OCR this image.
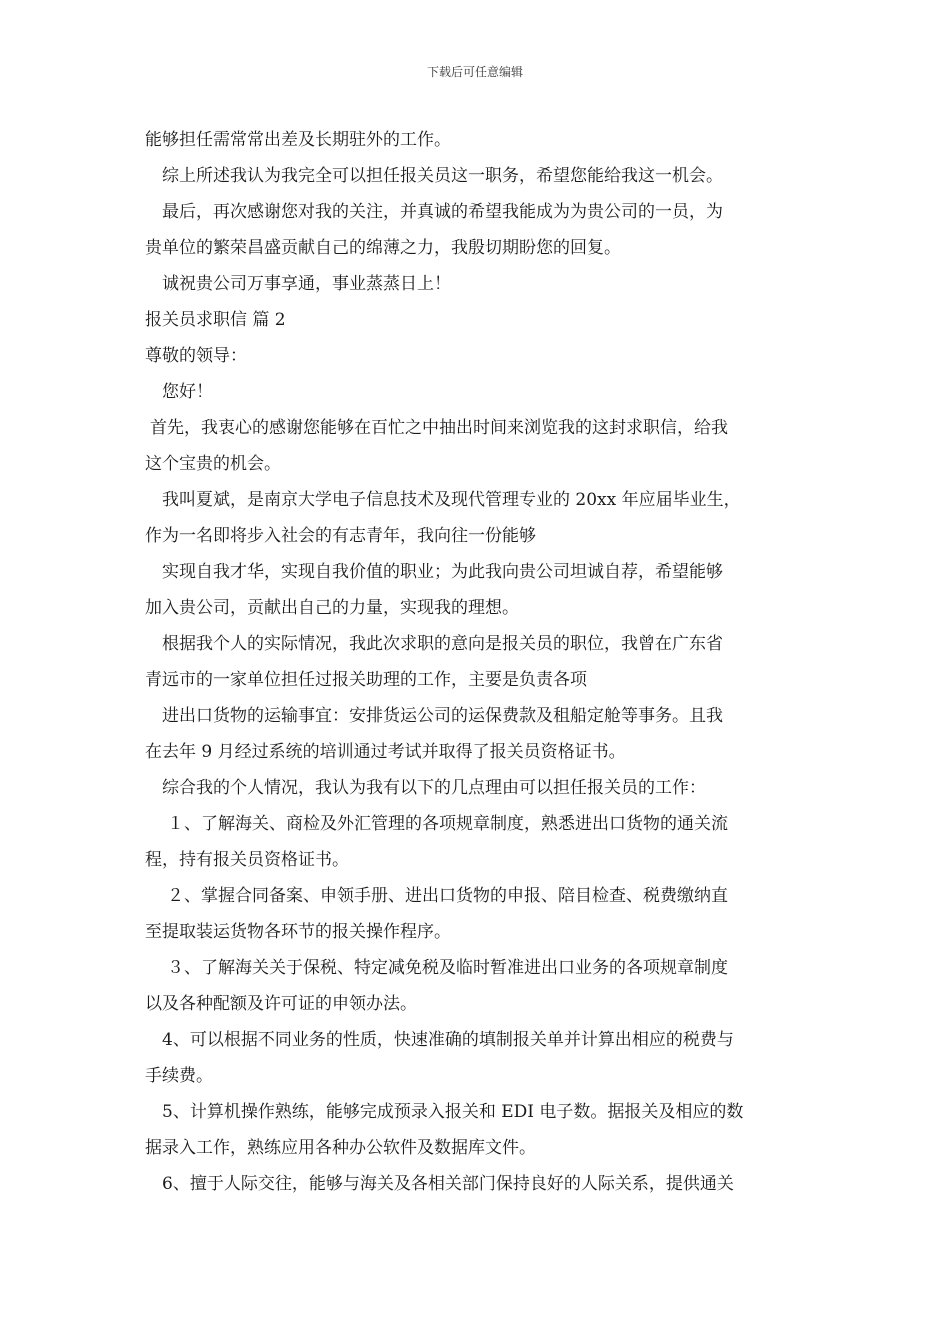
下载后可任意编辑
能够担任需常常出差及长期驻外的工作。
综上所述我认为我完全可以担任报关员这一职务，希望您能给我这一机会。
最后，再次感谢您对我的关注，并真诚的希望我能成为为贵公司的一员，为
贵单位的繁荣昌盛贡献自己的绵薄之力，我殷切期盼您的回复。
诚祝贵公司万事享通，事业蒸蒸日上！
报关员求职信 篇 2
尊敬的领导：
您好！
首先，我衷心的感谢您能够在百忙之中抽出时间来浏览我的这封求职信，给我
这个宝贵的机会。
我叫夏斌，是南京大学电子信息技术及现代管理专业的 20xx 年应届毕业生，
作为一名即将步入社会的有志青年，我向往一份能够
实现自我才华，实现自我价值的职业；为此我向贵公司坦诚自荐，希望能够
加入贵公司，贡献出自己的力量，实现我的理想。
根据我个人的实际情况，我此次求职的意向是报关员的职位，我曾在广东省
青远市的一家单位担任过报关助理的工作，主要是负责各项
进出口货物的运输事宜：安排货运公司的运保费款及租船定舱等事务。且我
在去年 9 月经过系统的培训通过考试并取得了报关员资格证书。
综合我的个人情况，我认为我有以下的几点理由可以担任报关员的工作：
１、了解海关、商检及外汇管理的各项规章制度，熟悉进出口货物的通关流
程，持有报关员资格证书。
２、掌握合同备案、申领手册、进出口货物的申报、陪目检查、税费缴纳直
至提取装运货物各环节的报关操作程序。
３、了解海关关于保税、特定减免税及临时暂准进出口业务的各项规章制度
以及各种配额及许可证的申领办法。
4、可以根据不同业务的性质，快速准确的填制报关单并计算出相应的税费与
手续费。
5、计算机操作熟练，能够完成预录入报关和 EDI 电子数。据报关及相应的数
据录入工作，熟练应用各种办公软件及数据库文件。
6、擅于人际交往，能够与海关及各相关部门保持良好的人际关系，提供通关
